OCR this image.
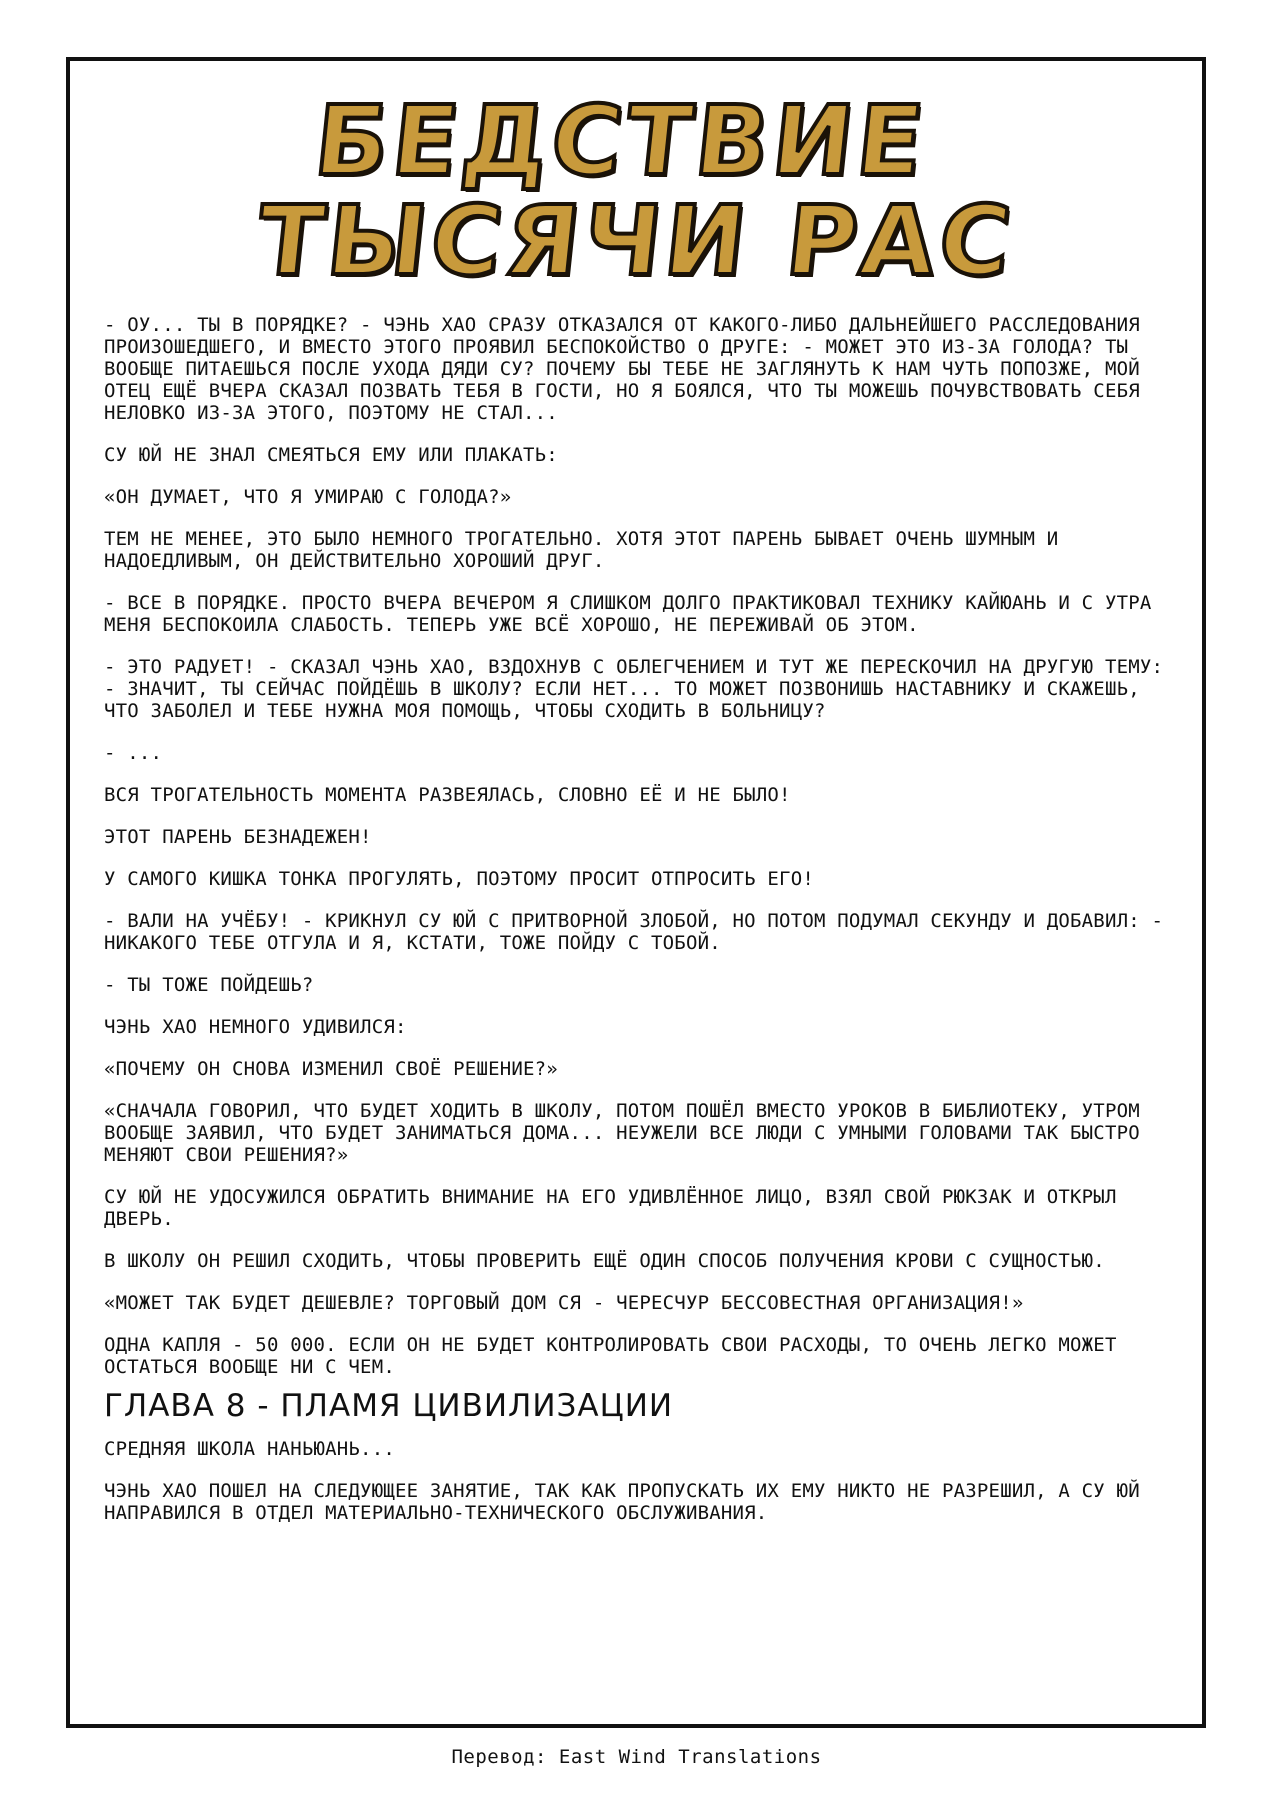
БЕДСТВИЕ
ТЫСЯЧИ РАС

- ОУ... ТЫ В ПОРЯДКЕ? - ЧЭНЬ ХАО СРАЗУ ОТКАЗАЛСЯ ОТ КАКОГО-ЛИБО ДАЛЬНЕЙШЕГО РАССЛЕДОВАНИЯ ПРОИЗОШЕДШЕГО, И ВМЕСТО ЭТОГО ПРОЯВИЛ БЕСПОКОЙСТВО О ДРУГЕ: - МОЖЕТ ЭТО ИЗ-ЗА ГОЛОДА? ТЫ ВООБЩЕ ПИТАЕШЬСЯ ПОСЛЕ УХОДА ДЯДИ СУ? ПОЧЕМУ БЫ ТЕБЕ НЕ ЗАГЛЯНУТЬ К НАМ ЧУТЬ ПОПОЗЖЕ, МОЙ ОТЕЦ ЕЩЁ ВЧЕРА СКАЗАЛ ПОЗВАТЬ ТЕБЯ В ГОСТИ, НО Я БОЯЛСЯ, ЧТО ТЫ МОЖЕШЬ ПОЧУВСТВОВАТЬ СЕБЯ НЕЛОВКО ИЗ-ЗА ЭТОГО, ПОЭТОМУ НЕ СТАЛ...

СУ ЮЙ НЕ ЗНАЛ СМЕЯТЬСЯ ЕМУ ИЛИ ПЛАКАТЬ:

«ОН ДУМАЕТ, ЧТО Я УМИРАЮ С ГОЛОДА?»

ТЕМ НЕ МЕНЕЕ, ЭТО БЫЛО НЕМНОГО ТРОГАТЕЛЬНО. ХОТЯ ЭТОТ ПАРЕНЬ БЫВАЕТ ОЧЕНЬ ШУМНЫМ И НАДОЕДЛИВЫМ, ОН ДЕЙСТВИТЕЛЬНО ХОРОШИЙ ДРУГ.

- ВСЕ В ПОРЯДКЕ. ПРОСТО ВЧЕРА ВЕЧЕРОМ Я СЛИШКОМ ДОЛГО ПРАКТИКОВАЛ ТЕХНИКУ КАЙЮАНЬ И С УТРА МЕНЯ БЕСПОКОИЛА СЛАБОСТЬ. ТЕПЕРЬ УЖЕ ВСЁ ХОРОШО, НЕ ПЕРЕЖИВАЙ ОБ ЭТОМ.

- ЭТО РАДУЕТ! - СКАЗАЛ ЧЭНЬ ХАО, ВЗДОХНУВ С ОБЛЕГЧЕНИЕМ И ТУТ ЖЕ ПЕРЕСКОЧИЛ НА ДРУГУЮ ТЕМУ: - ЗНАЧИТ, ТЫ СЕЙЧАС ПОЙДЁШЬ В ШКОЛУ? ЕСЛИ НЕТ... ТО МОЖЕТ ПОЗВОНИШЬ НАСТАВНИКУ И СКАЖЕШЬ, ЧТО ЗАБОЛЕЛ И ТЕБЕ НУЖНА МОЯ ПОМОЩЬ, ЧТОБЫ СХОДИТЬ В БОЛЬНИЦУ?

- ...

ВСЯ ТРОГАТЕЛЬНОСТЬ МОМЕНТА РАЗВЕЯЛАСЬ, СЛОВНО ЕЁ И НЕ БЫЛО!

ЭТОТ ПАРЕНЬ БЕЗНАДЕЖЕН!

У САМОГО КИШКА ТОНКА ПРОГУЛЯТЬ, ПОЭТОМУ ПРОСИТ ОТПРОСИТЬ ЕГО!

- ВАЛИ НА УЧЁБУ! - КРИКНУЛ СУ ЮЙ С ПРИТВОРНОЙ ЗЛОБОЙ, НО ПОТОМ ПОДУМАЛ СЕКУНДУ И ДОБАВИЛ: - НИКАКОГО ТЕБЕ ОТГУЛА И Я, КСТАТИ, ТОЖЕ ПОЙДУ С ТОБОЙ.

- ТЫ ТОЖЕ ПОЙДЕШЬ?

ЧЭНЬ ХАО НЕМНОГО УДИВИЛСЯ:

«ПОЧЕМУ ОН СНОВА ИЗМЕНИЛ СВОЁ РЕШЕНИЕ?»

«СНАЧАЛА ГОВОРИЛ, ЧТО БУДЕТ ХОДИТЬ В ШКОЛУ, ПОТОМ ПОШЁЛ ВМЕСТО УРОКОВ В БИБЛИОТЕКУ, УТРОМ ВООБЩЕ ЗАЯВИЛ, ЧТО БУДЕТ ЗАНИМАТЬСЯ ДОМА... НЕУЖЕЛИ ВСЕ ЛЮДИ С УМНЫМИ ГОЛОВАМИ ТАК БЫСТРО МЕНЯЮТ СВОИ РЕШЕНИЯ?»

СУ ЮЙ НЕ УДОСУЖИЛСЯ ОБРАТИТЬ ВНИМАНИЕ НА ЕГО УДИВЛЁННОЕ ЛИЦО, ВЗЯЛ СВОЙ РЮКЗАК И ОТКРЫЛ ДВЕРЬ.

В ШКОЛУ ОН РЕШИЛ СХОДИТЬ, ЧТОБЫ ПРОВЕРИТЬ ЕЩЁ ОДИН СПОСОБ ПОЛУЧЕНИЯ КРОВИ С СУЩНОСТЬЮ.

«МОЖЕТ ТАК БУДЕТ ДЕШЕВЛЕ? ТОРГОВЫЙ ДОМ СЯ - ЧЕРЕСЧУР БЕССОВЕСТНАЯ ОРГАНИЗАЦИЯ!»

ОДНА КАПЛЯ - 50 000. ЕСЛИ ОН НЕ БУДЕТ КОНТРОЛИРОВАТЬ СВОИ РАСХОДЫ, ТО ОЧЕНЬ ЛЕГКО МОЖЕТ ОСТАТЬСЯ ВООБЩЕ НИ С ЧЕМ.

ГЛАВА 8 - ПЛАМЯ ЦИВИЛИЗАЦИИ

СРЕДНЯЯ ШКОЛА НАНЬЮАНЬ...

ЧЭНЬ ХАО ПОШЕЛ НА СЛЕДУЮЩЕЕ ЗАНЯТИЕ, ТАК КАК ПРОПУСКАТЬ ИХ ЕМУ НИКТО НЕ РАЗРЕШИЛ, А СУ ЮЙ НАПРАВИЛСЯ В ОТДЕЛ МАТЕРИАЛЬНО-ТЕХНИЧЕСКОГО ОБСЛУЖИВАНИЯ.

Перевод: East Wind Translations
